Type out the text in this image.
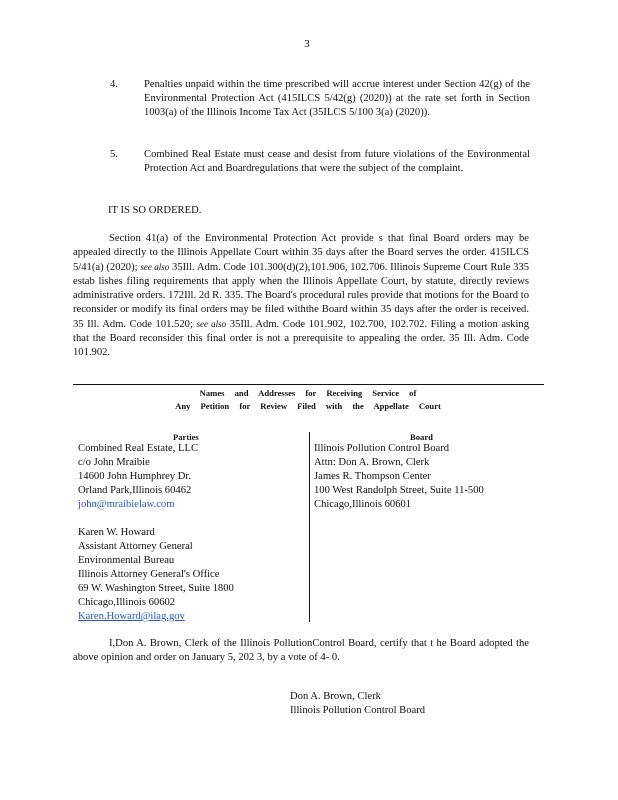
3
4. Penalties unpaid within the time prescribed will accrue interest under Section 42(g) of the Environmental Protection Act (415ILCS 5/42(g) (2020)) at the rate set forth in Section 1003(a) of the Illinois Income Tax Act (35ILCS 5/100 3(a) (2020)).
5. Combined Real Estate must cease and desist from future violations of the Environmental Protection Act and Boardregulations that were the subject of the complaint.
IT IS SO ORDERED.
Section 41(a) of the Environmental Protection Act provide s that final Board orders may be appealed directly to the Illinois Appellate Court within 35 days after the Board serves the order. 415ILCS 5/41(a) (2020); see also 35Ill. Adm. Code 101.300(d)(2),101.906, 102.706. Illinois Supreme Court Rule 335 estab lishes filing requirements that apply when the Illinois Appellate Court, by statute, directly reviews administrative orders. 172Ill. 2d R. 335. The Board's procedural rules provide that motions for the Board to reconsider or modify its final orders may be filed withthe Board within 35 days after the order is received. 35 Ill. Adm. Code 101.520; see also 35Ill. Adm. Code 101.902, 102.700, 102.702. Filing a motion asking that the Board reconsider this final order is not a prerequisite to appealing the order. 35 Ill. Adm. Code 101.902.
Names and Addresses for Receiving Service of
Any Petition for Review Filed with the Appellate Court
Parties	Board
Combined Real Estate, LLC
c/o John Mraibie
14600 John Humphrey Dr.
Orland Park,Illinois 60462
john@mraibielaw.com
Karen W. Howard
Assistant Attorney General
Environmental Bureau
Illinois Attorney General's Office
69 W. Washington Street, Suite 1800
Chicago,Illinois 60602
Karen.Howard@ilag.gov
Illinois Pollution Control Board
Attn: Don A. Brown, Clerk
James R. Thompson Center
100 West Randolph Street, Suite 11-500
Chicago,Illinois 60601
I,Don A. Brown, Clerk of the Illinois PollutionControl Board, certify that t he Board adopted the above opinion and order on January 5, 202 3, by a vote of 4- 0.
Don A. Brown, Clerk
Illinois Pollution Control Board
